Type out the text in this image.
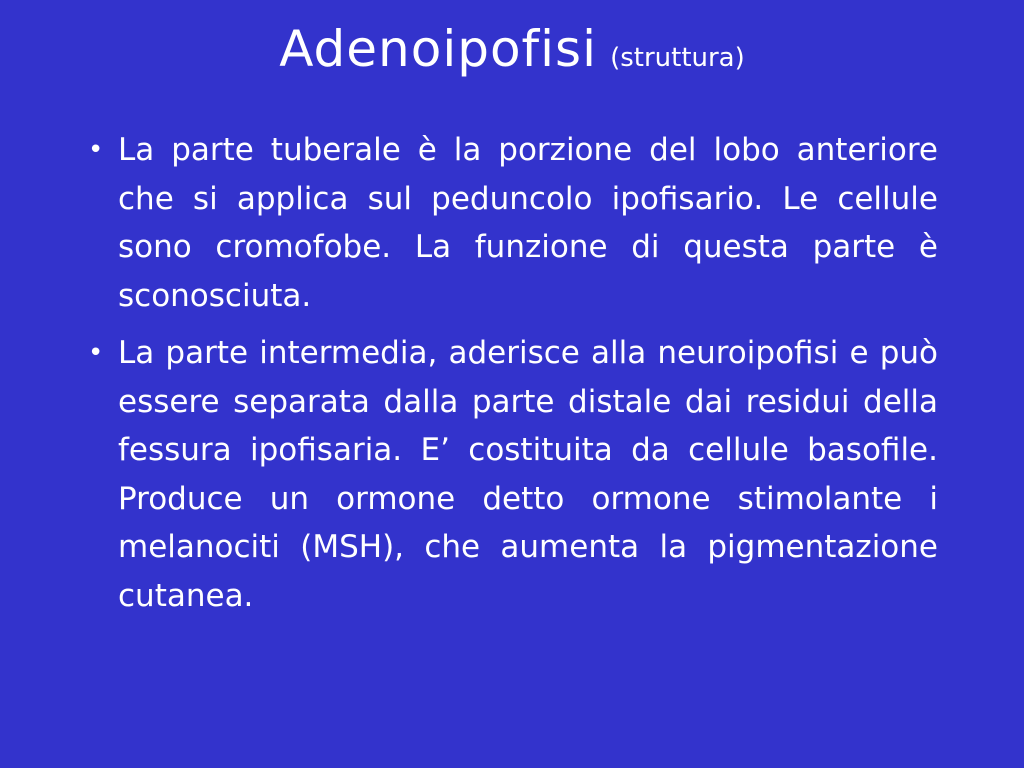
Adenoipofisi (struttura)
• La parte tuberale è la porzione del lobo anteriore che si applica sul peduncolo ipofisario. Le cellule sono cromofobe. La funzione di questa parte è sconosciuta.
• La parte intermedia, aderisce alla neuroipofisi e può essere separata dalla parte distale dai residui della fessura ipofisaria. E’ costituita da cellule basofile. Produce un ormone detto ormone stimolante i melanociti (MSH), che aumenta la pigmentazione cutanea.
